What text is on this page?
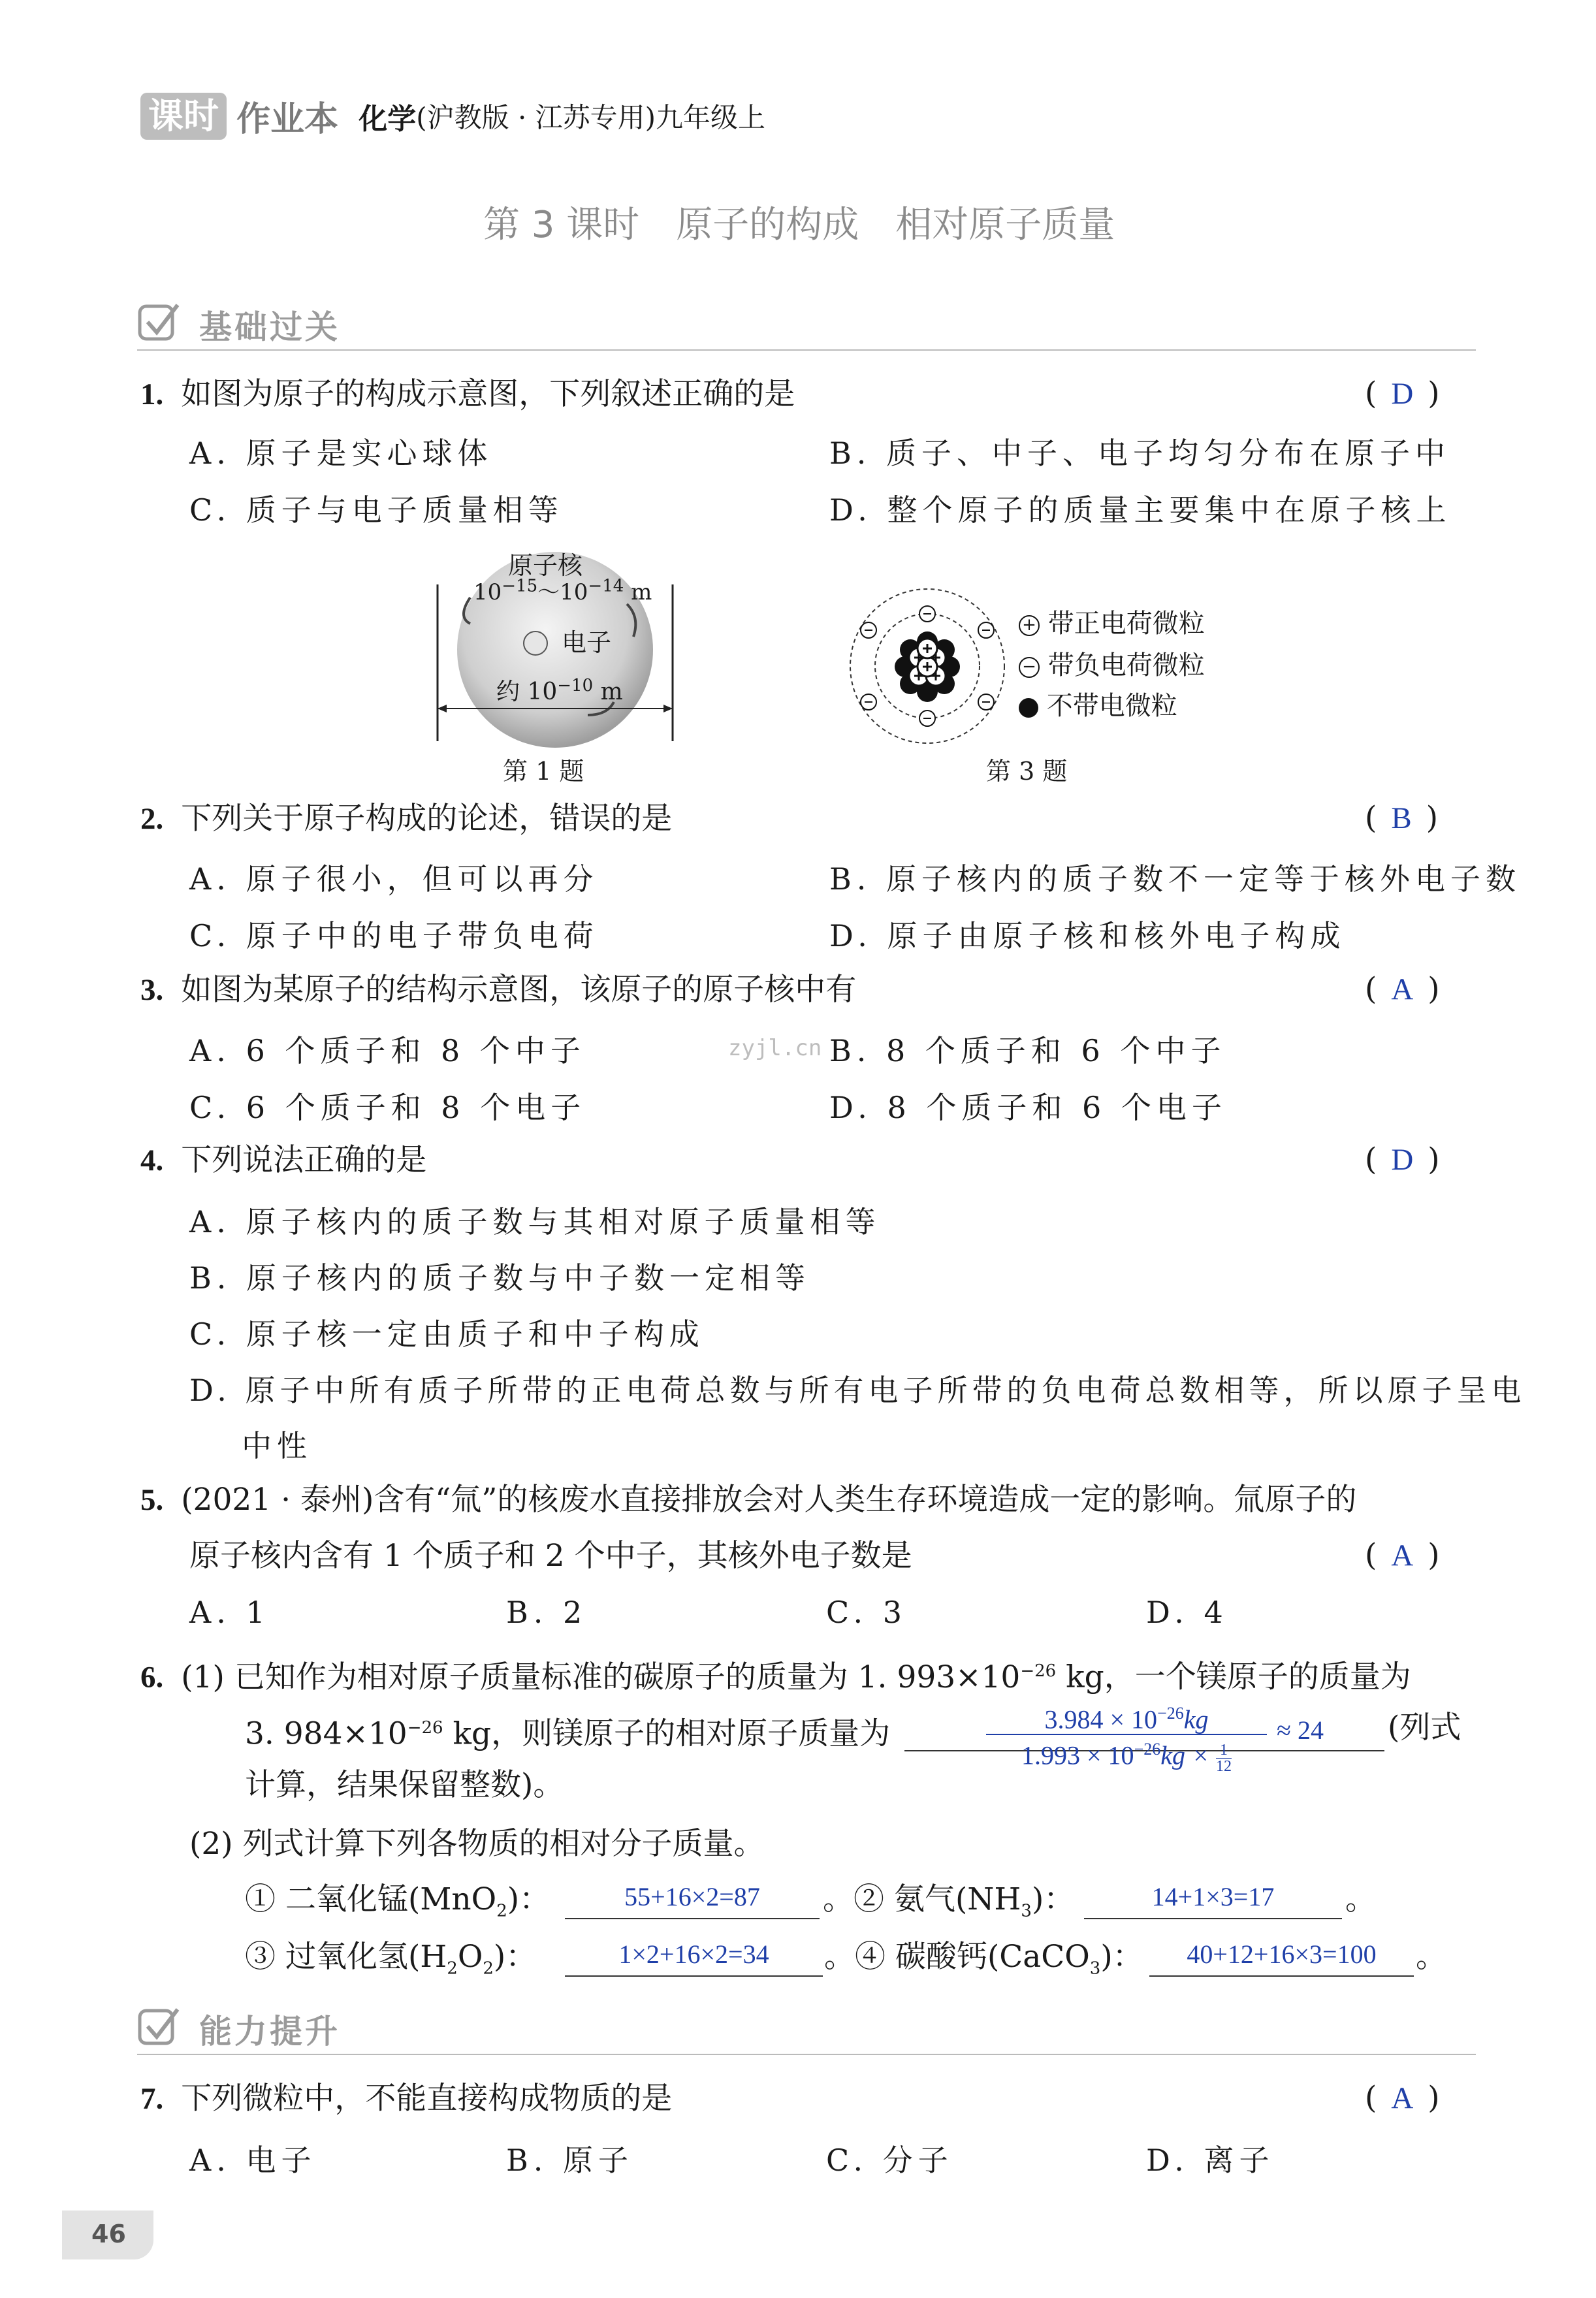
课时 作业本 化学(沪教版 · 江苏专用)九年级上
第 3 课时　原子的构成　相对原子质量
基础过关
1. 如图为原子的构成示意图，下列叙述正确的是	( D )
A. 原子是实心球体	B. 质子、中子、电子均匀分布在原子中
C. 质子与电子质量相等	D. 整个原子的质量主要集中在原子核上
原子核
$10^{-15}\sim 10^{-14}$ m
电子
约 $10^{-10}$ m
第 1 题
+ 带正电荷微粒
− 带负电荷微粒
不带电微粒
第 3 题
2. 下列关于原子构成的论述，错误的是	( B )
A. 原子很小，但可以再分	B. 原子核内的质子数不一定等于核外电子数
C. 原子中的电子带负电荷	D. 原子由原子核和核外电子构成
3. 如图为某原子的结构示意图，该原子的原子核中有	( A )
A. 6 个质子和 8 个中子	B. 8 个质子和 6 个中子
zyjl.cn
C. 6 个质子和 8 个电子	D. 8 个质子和 6 个电子
4. 下列说法正确的是	( D )
A. 原子核内的质子数与其相对原子质量相等
B. 原子核内的质子数与中子数一定相等
C. 原子核一定由质子和中子构成
D. 原子中所有质子所带的正电荷总数与所有电子所带的负电荷总数相等，所以原子呈电
中性
5. (2021 · 泰州)含有“氚”的核废水直接排放会对人类生存环境造成一定的影响。氚原子的
原子核内含有 1 个质子和 2 个中子，其核外电子数是	( A )
A. 1	B. 2	C. 3	D. 4
6. (1) 已知作为相对原子质量标准的碳原子的质量为 1. $993\times 10^{-26}$ kg，一个镁原子的质量为
3. $984\times 10^{-26}$ kg，则镁原子的相对原子质量为	$\frac{3.984 \times 10^{-26}kg}{1.993 \times 10^{-26}kg \times \frac{1}{12}} \approx 24$ (列式
计算，结果保留整数)。
(2) 列式计算下列各物质的相对分子质量。
① 二氧化锰(MnO$_2$)：	55+16×2=87	。② 氨气$(NH_3)$：	14+1×3=17	。
③ 过氧化氢$(H_2O_2)$：	1×2+16×2=34	。④ 碳酸钙(CaCO$_3$)：	40+12+16×3=100	。
能力提升
7. 下列微粒中，不能直接构成物质的是	( A )
A. 电子	B. 原子	C. 分子	D. 离子
46
